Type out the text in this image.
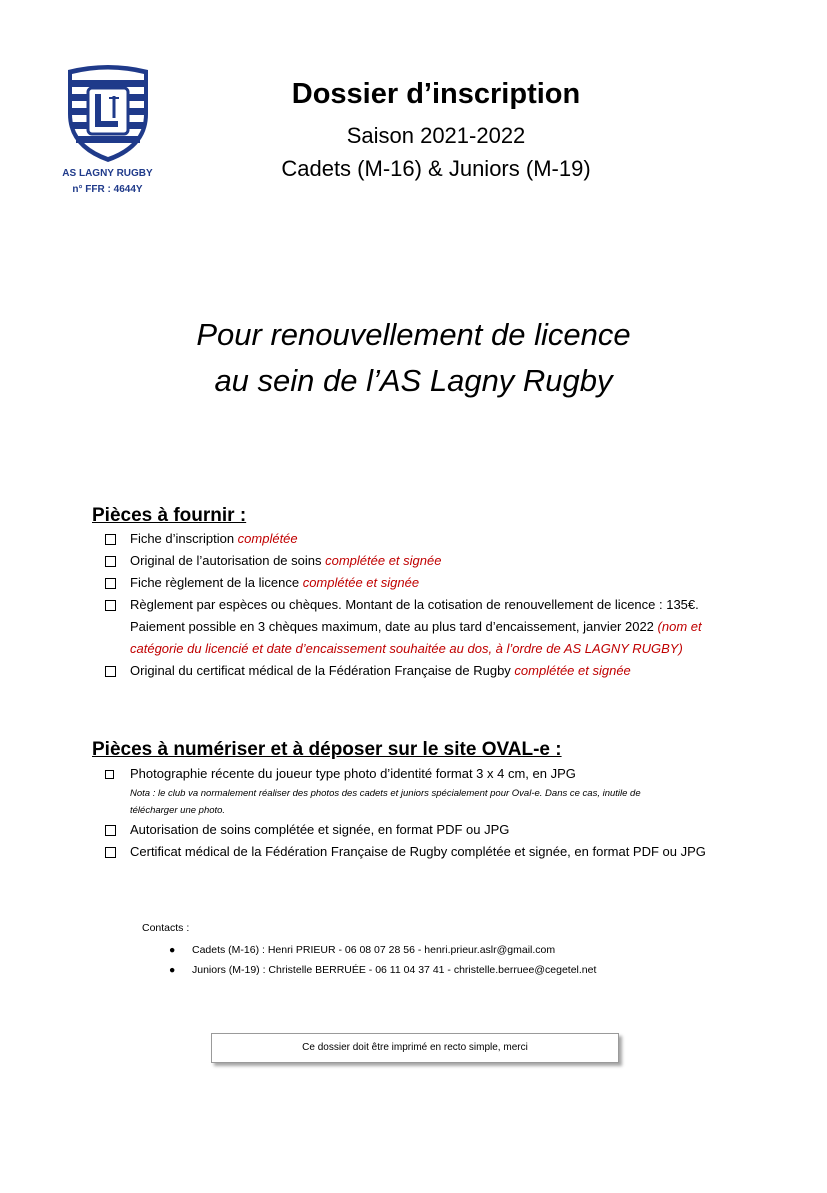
AS LAGNY RUGBY
n° FFR : 4644Y
Dossier d’inscription
Saison 2021-2022
Cadets (M-16) & Juniors (M-19)
Pour renouvellement de licence
au sein de l’AS Lagny Rugby
Pièces à fournir :
Fiche d’inscription complétée
Original de l’autorisation de soins complétée et signée
Fiche règlement de la licence complétée et signée
Règlement par espèces ou chèques. Montant de la cotisation de renouvellement de licence : 135€.
Paiement possible en 3 chèques maximum, date au plus tard d’encaissement, janvier 2022 (nom et
catégorie du licencié et date d’encaissement souhaitée au dos, à l’ordre de AS LAGNY RUGBY)
Original du certificat médical de la Fédération Française de Rugby complétée et signée
Pièces à numériser et à déposer sur le site OVAL-e :
Photographie récente du joueur type photo d’identité format 3 x 4 cm, en JPG
Nota : le club va normalement réaliser des photos des cadets et juniors spécialement pour Oval-e. Dans ce cas, inutile de
télécharger une photo.
Autorisation de soins complétée et signée, en format PDF ou JPG
Certificat médical de la Fédération Française de Rugby complétée et signée, en format PDF ou JPG
Contacts :
● Cadets (M-16) : Henri PRIEUR - 06 08 07 28 56 - henri.prieur.aslr@gmail.com
● Juniors (M-19) : Christelle BERRUÉE - 06 11 04 37 41 - christelle.berruee@cegetel.net
Ce dossier doit être imprimé en recto simple, merci
